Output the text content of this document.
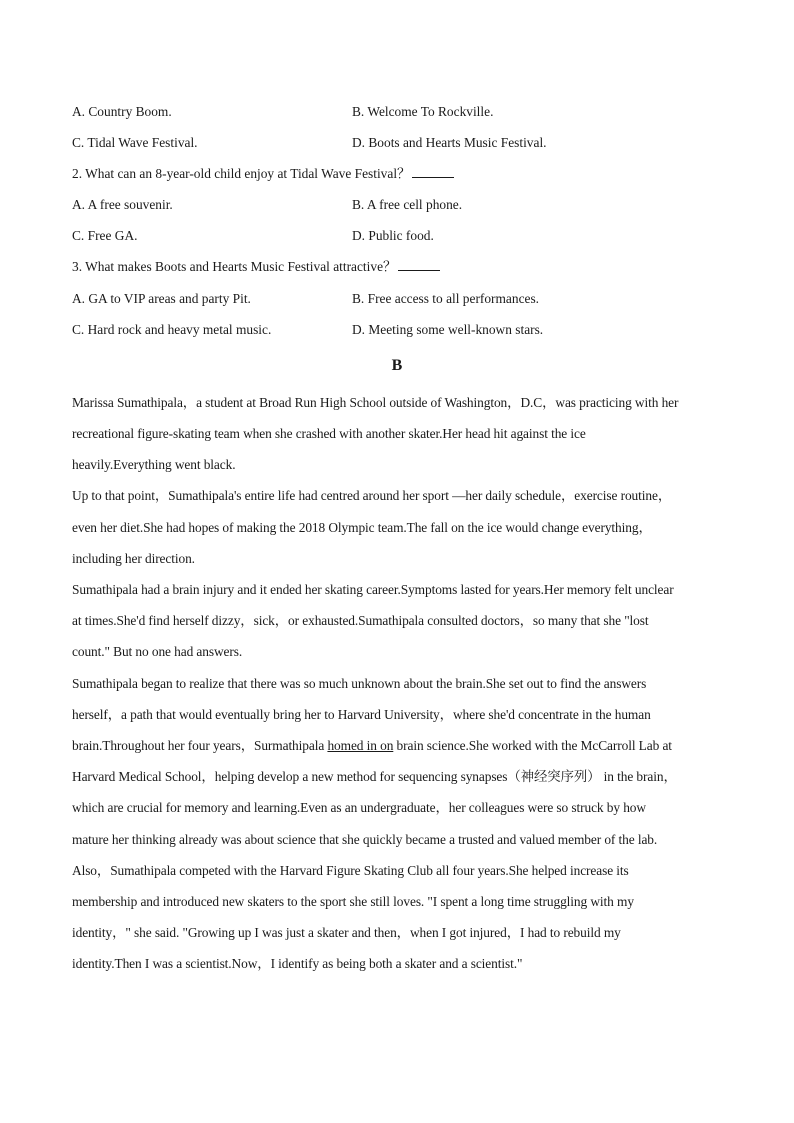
A. Country Boom.	B. Welcome To Rockville.
C. Tidal Wave Festival.	D. Boots and Hearts Music Festival.
2. What can an 8-year-old child enjoy at Tidal Wave Festival？
A. A free souvenir.	B. A free cell phone.
C. Free GA.	D. Public food.
3. What makes Boots and Hearts Music Festival attractive？
A. GA to VIP areas and party Pit.	B. Free access to all performances.
C. Hard rock and heavy metal music.	D. Meeting some well-known stars.
B
Marissa Sumathipala，a student at Broad Run High School outside of Washington，D.C，was practicing with her
recreational figure-skating team when she crashed with another skater.Her head hit against the ice
heavily.Everything went black.
Up to that point，Sumathipala's entire life had centred around her sport —her daily schedule，exercise routine，
even her diet.She had hopes of making the 2018 Olympic team.The fall on the ice would change everything，
including her direction.
Sumathipala had a brain injury and it ended her skating career.Symptoms lasted for years.Her memory felt unclear
at times.She'd find herself dizzy，sick，or exhausted.Sumathipala consulted doctors，so many that she "lost
count." But no one had answers.
Sumathipala began to realize that there was so much unknown about the brain.She set out to find the answers
herself，a path that would eventually bring her to Harvard University，where she'd concentrate in the human
brain.Throughout her four years，Surmathipala homed in on brain science.She worked with the McCarroll Lab at
Harvard Medical School，helping develop a new method for sequencing synapses（神经突序列） in the brain，
which are crucial for memory and learning.Even as an undergraduate，her colleagues were so struck by how
mature her thinking already was about science that she quickly became a trusted and valued member of the lab.
Also，Sumathipala competed with the Harvard Figure Skating Club all four years.She helped increase its
membership and introduced new skaters to the sport she still loves. "I spent a long time struggling with my
identity，" she said. "Growing up I was just a skater and then，when I got injured，I had to rebuild my
identity.Then I was a scientist.Now，I identify as being both a skater and a scientist."
